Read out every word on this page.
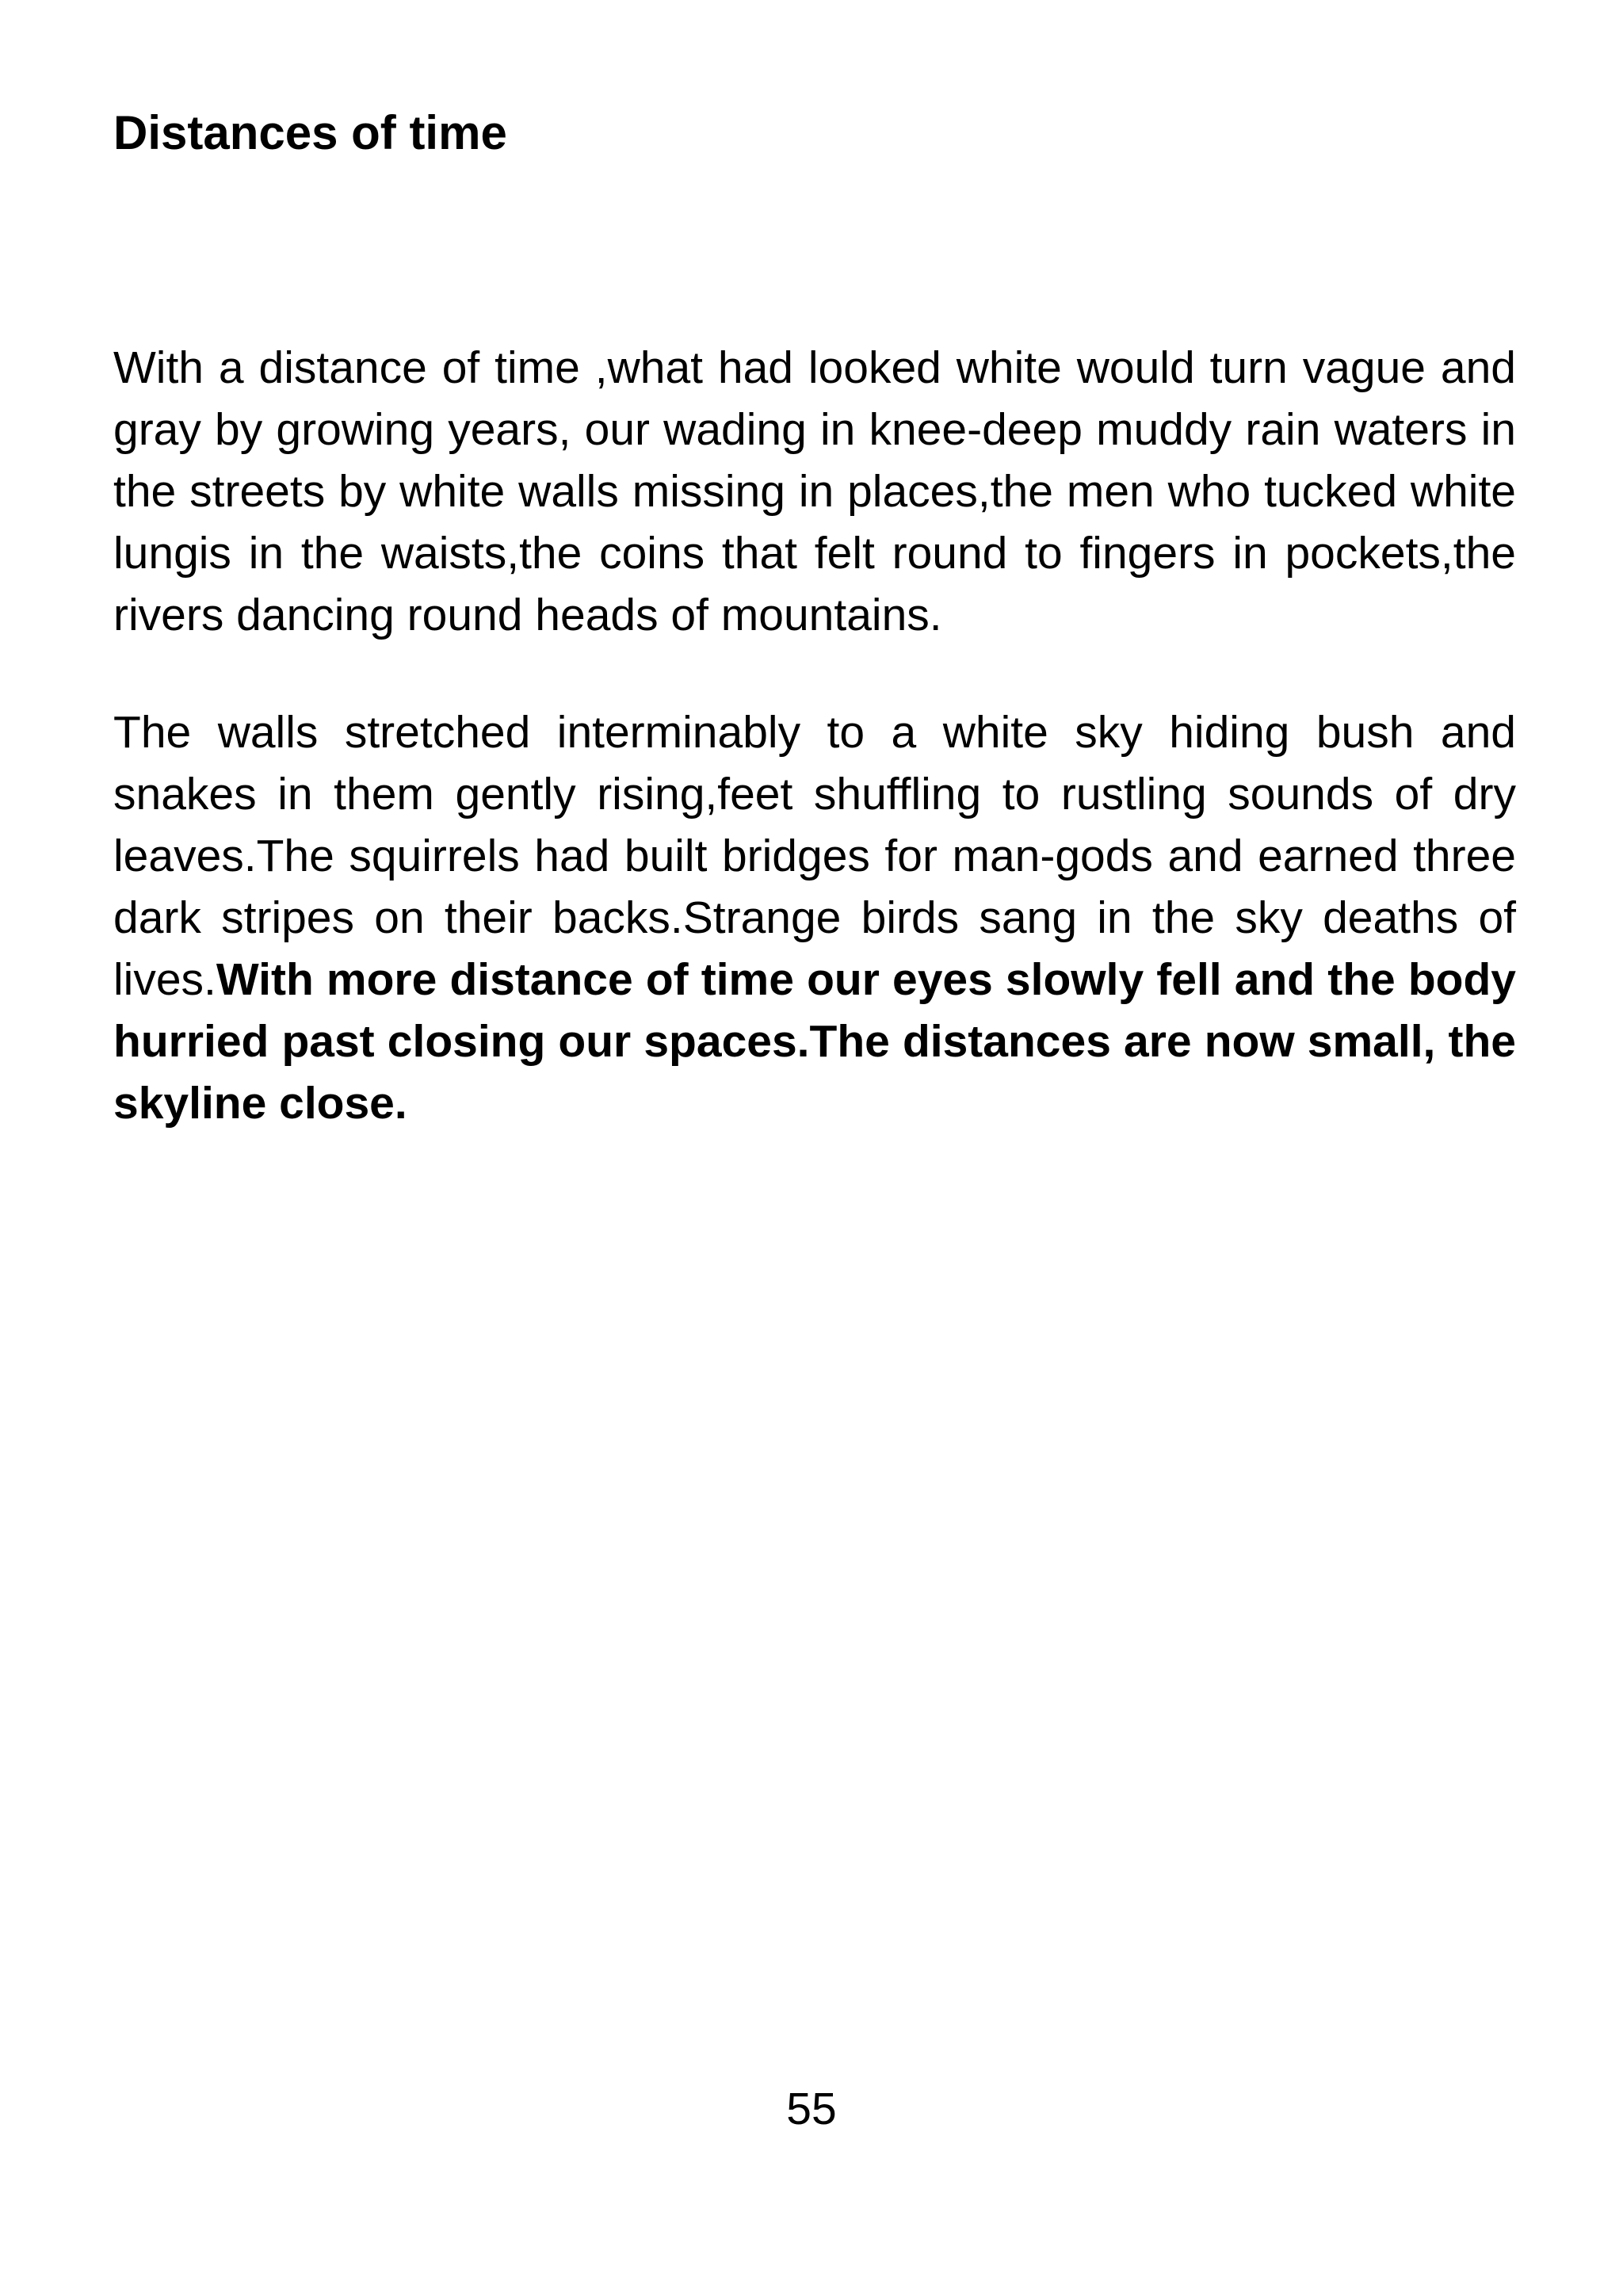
Distances of time

With a distance of time ,what had looked white would turn vague and gray by growing years, our wading in knee-deep muddy rain waters in the streets by white walls missing in places,the men who tucked white lungis in the waists,the coins that felt round to fingers in pockets,the rivers dancing round heads of mountains.

The walls stretched interminably to a white sky hiding bush and snakes in them gently rising,feet shuffling to rustling sounds of dry leaves.The squirrels had built bridges for man-gods and earned three dark stripes on their backs.Strange birds sang in the sky deaths of lives.With more distance of time our eyes slowly fell and the body hurried past closing our spaces.The distances are now small, the skyline close.

55
